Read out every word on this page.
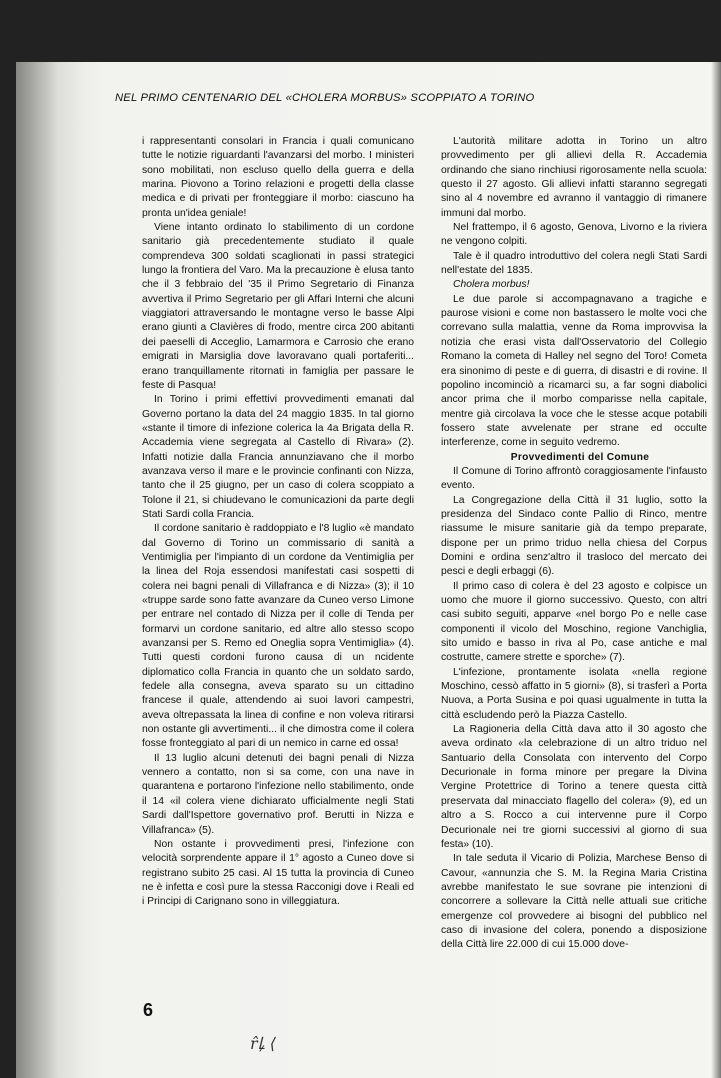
NEL PRIMO CENTENARIO DEL «CHOLERA MORBUS» SCOPPIATO A TORINO

i rappresentanti consolari in Francia i quali comunicano tutte le notizie riguardanti l'avanzarsi del morbo. I ministeri sono mobilitati, non escluso quello della guerra e della marina. Piovono a Torino relazioni e progetti della classe medica e di privati per fronteggiare il morbo: ciascuno ha pronta un'idea geniale!

Viene intanto ordinato lo stabilimento di un cordone sanitario già precedentemente studiato il quale comprendeva 300 soldati scaglionati in passi strategici lungo la frontiera del Varo. Ma la precauzione è elusa tanto che il 3 febbraio del '35 il Primo Segretario di Finanza avvertiva il Primo Segretario per gli Affari Interni che alcuni viaggiatori attraversando le montagne verso le basse Alpi erano giunti a Clavières di frodo, mentre circa 200 abitanti dei paeselli di Acceglio, Lamarmora e Carrosio che erano emigrati in Marsiglia dove lavoravano quali portaferiti... erano tranquillamente ritornati in famiglia per passare le feste di Pasqua!

In Torino i primi effettivi provvedimenti emanati dal Governo portano la data del 24 maggio 1835. In tal giorno «stante il timore di infezione colerica la 4a Brigata della R. Accademia viene segregata al Castello di Rivara» (2). Infatti notizie dalla Francia annunziavano che il morbo avanzava verso il mare e le provincie confinanti con Nizza, tanto che il 25 giugno, per un caso di colera scoppiato a Tolone il 21, si chiudevano le comunicazioni da parte degli Stati Sardi colla Francia.

Il cordone sanitario è raddoppiato e l'8 luglio «è mandato dal Governo di Torino un commissario di sanità a Ventimiglia per l'impianto di un cordone da Ventimiglia per la linea del Roja essendosi manifestati casi sospetti di colera nei bagni penali di Villafranca e di Nizza» (3); il 10 «truppe sarde sono fatte avanzare da Cuneo verso Limone per entrare nel contado di Nizza per il colle di Tenda per formarvi un cordone sanitario, ed altre allo stesso scopo avanzansi per S. Remo ed Oneglia sopra Ventimiglia» (4). Tutti questi cordoni furono causa di un ncidente diplomatico colla Francia in quanto che un soldato sardo, fedele alla consegna, aveva sparato su un cittadino francese il quale, attendendo ai suoi lavori campestri, aveva oltrepassata la linea di confine e non voleva ritirarsi non ostante gli avvertimenti... il che dimostra come il colera fosse fronteggiato al pari di un nemico in carne ed ossa!

Il 13 luglio alcuni detenuti dei bagni penali di Nizza vennero a contatto, non si sa come, con una nave in quarantena e portarono l'infezione nello stabilimento, onde il 14 «il colera viene dichiarato ufficialmente negli Stati Sardi dall'Ispettore governativo prof. Berutti in Nizza e Villafranca» (5).

Non ostante i provvedimenti presi, l'infezione con velocità sorprendente appare il 1° agosto a Cuneo dove si registrano subito 25 casi. Al 15 tutta la provincia di Cuneo ne è infetta e così pure la stessa Racconigi dove i Reali ed i Principi di Carignano sono in villeggiatura.

L'autorità militare adotta in Torino un altro provvedimento per gli allievi della R. Accademia ordinando che siano rinchiusi rigorosamente nella scuola: questo il 27 agosto. Gli allievi infatti staranno segregati sino al 4 novembre ed avranno il vantaggio di rimanere immuni dal morbo.

Nel frattempo, il 6 agosto, Genova, Livorno e la riviera ne vengono colpiti.

Tale è il quadro introduttivo del colera negli Stati Sardi nell'estate del 1835.

Cholera morbus!

Le due parole si accompagnavano a tragiche e paurose visioni e come non bastassero le molte voci che correvano sulla malattia, venne da Roma improvvisa la notizia che erasi vista dall'Osservatorio del Collegio Romano la cometa di Halley nel segno del Toro! Cometa era sinonimo di peste e di guerra, di disastri e di rovine. Il popolino incominciò a ricamarci su, a far sogni diabolici ancor prima che il morbo comparisse nella capitale, mentre già circolava la voce che le stesse acque potabili fossero state avvelenate per strane ed occulte interferenze, come in seguito vedremo.

Provvedimenti del Comune

Il Comune di Torino affrontò coraggiosamente l'infausto evento.

La Congregazione della Città il 31 luglio, sotto la presidenza del Sindaco conte Pallio di Rinco, mentre riassume le misure sanitarie già da tempo preparate, dispone per un primo triduo nella chiesa del Corpus Domini e ordina senz'altro il trasloco del mercato dei pesci e degli erbaggi (6).

Il primo caso di colera è del 23 agosto e colpisce un uomo che muore il giorno successivo. Questo, con altri casi subito seguiti, apparve «nel borgo Po e nelle case componenti il vicolo del Moschino, regione Vanchiglia, sito umido e basso in riva al Po, case antiche e mal costrutte, camere strette e sporche» (7).

L'infezione, prontamente isolata «nella regione Moschino, cessò affatto in 5 giorni» (8), si trasferì a Porta Nuova, a Porta Susina e poi quasi ugualmente in tutta la città escludendo però la Piazza Castello.

La Ragioneria della Città dava atto il 30 agosto che aveva ordinato «la celebrazione di un altro triduo nel Santuario della Consolata con intervento del Corpo Decurionale in forma minore per pregare la Divina Vergine Protettrice di Torino a tenere questa città preservata dal minacciato flagello del colera» (9), ed un altro a S. Rocco a cui intervenne pure il Corpo Decurionale nei tre giorni successivi al giorno di sua festa» (10).

In tale seduta il Vicario di Polizia, Marchese Benso di Cavour, «annunzia che S. M. la Regina Maria Cristina avrebbe manifestato le sue sovrane pie intenzioni di concorrere a sollevare la Città nelle attuali sue critiche emergenze col provvedere ai bisogni del pubblico nel caso di invasione del colera, ponendo a disposizione della Città lire 22.000 di cui 15.000 dove-

6
r̂ꝲ ⟨
